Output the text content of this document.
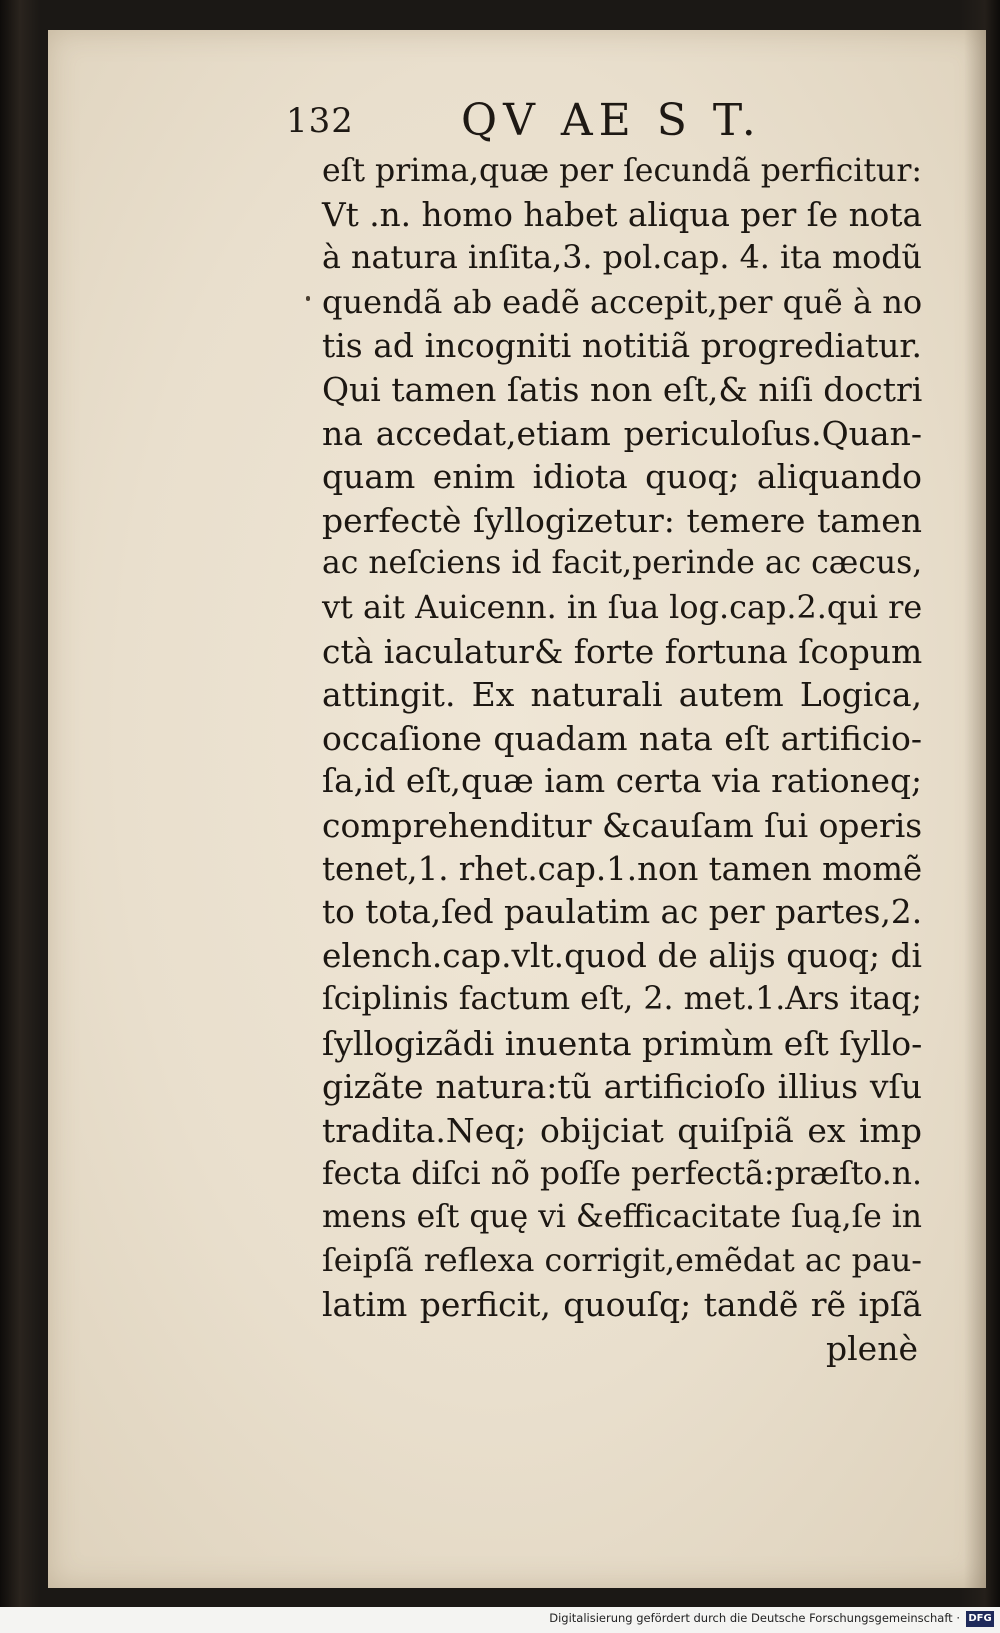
132 QV AE S T.
eſt prima,quæ per ſecundã perficitur:
Vt .n. homo habet aliqua per ſe nota
à natura inſita,3. pol.cap. 4. ita modũ
quendã ab eadẽ accepit,per quẽ à no
tis ad incogniti notitiã progrediatur.
Qui tamen ſatis non eſt,& niſi doctri
na accedat,etiam periculoſus.Quan-
quam enim idiota quoq; aliquando
perfectè ſyllogizetur: temere tamen
ac neſciens id facit,perinde ac cæcus,
vt ait Auicenn. in ſua log.cap.2.qui re
ctà iaculatur& forte fortuna ſcopum
attingit. Ex naturali autem Logica,
occaſione quadam nata eſt artificio-
ſa,id eſt,quæ iam certa via rationeq;
comprehenditur &cauſam ſui operis
tenet,1. rhet.cap.1.non tamen momẽ
to tota,ſed paulatim ac per partes,2.
elench.cap.vlt.quod de alijs quoq; di
ſciplinis factum eſt, 2. met.1.Ars itaq;
ſyllogizãdi inuenta primùm eſt ſyllo-
gizãte natura:tũ artificioſo illius vſu
tradita.Neq; obijciat quiſpiã ex imp
fecta diſci nõ poſſe perfectã:præſto.n.
mens eſt quę vi &efficacitate ſuą,ſe in
ſeipſã reflexa corrigit,emẽdat ac pau-
latim perficit, quouſq; tandẽ rẽ ipſã
plenè
Digitalisierung gefördert durch die Deutsche Forschungsgemeinschaft · DFG
